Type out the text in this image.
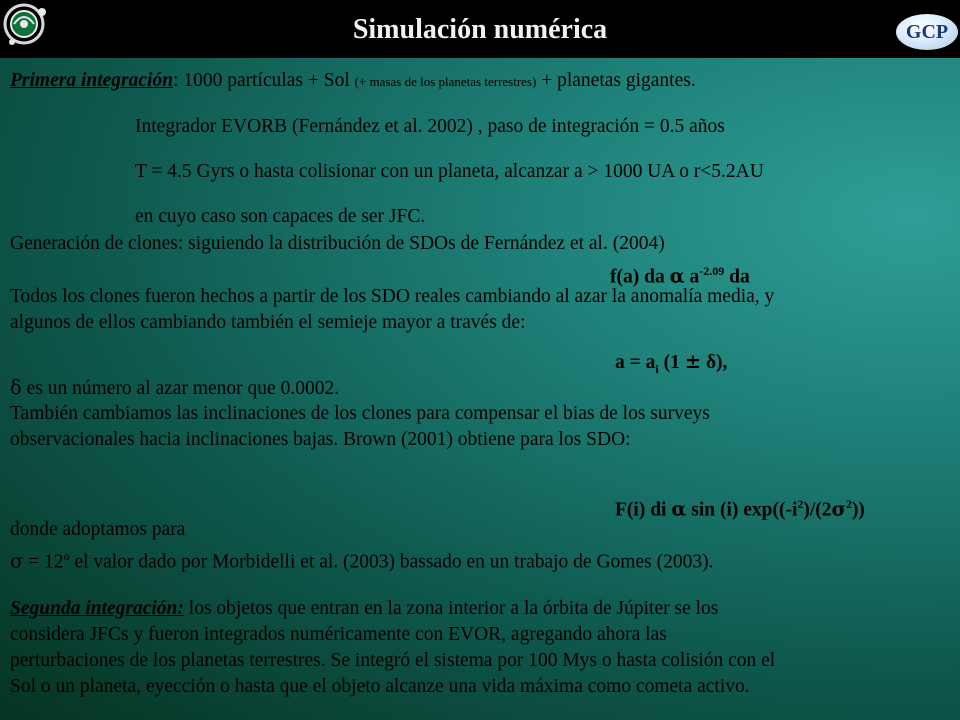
Simulación numérica	GCP
Primera integración: 1000 partículas + Sol (+ masas de los planetas terrestres) + planetas gigantes.
Integrador EVORB (Fernández et al. 2002) , paso de integración = 0.5 años
T = 4.5 Gyrs o hasta colisionar con un planeta, alcanzar a > 1000 UA o r<5.2AU
en cuyo caso son capaces de ser JFC.
Generación de clones: siguiendo la distribución de SDOs de Fernández et al. (2004)
f(a) da α $a^{-2.09}$ da
Todos los clones fueron hechos a partir de los SDO reales cambiando al azar la anomalía media, y
algunos de ellos cambiando también el semieje mayor a través de:
$a = a_i$ (1 ± δ),
δ es un número al azar menor que 0.0002.
También cambiamos las inclinaciones de los clones para compensar el bias de los surveys
observacionales hacia inclinaciones bajas. Brown (2001) obtiene para los SDO:
F(i) di α sin (i) $\exp((-i^2)/(2\sigma^2))$
donde adoptamos para
$\sigma = 12^o$ el valor dado por Morbidelli et al. (2003) bassado en un trabajo de Gomes (2003).
Segunda integración: los objetos que entran en la zona interior a la órbita de Júpiter se los
considera JFCs y fueron integrados numéricamente con EVOR, agregando ahora las
perturbaciones de los planetas terrestres. Se integró el sistema por 100 Mys o hasta colisión con el
Sol o un planeta, eyección o hasta que el objeto alcanze una vida máxima como cometa activo.
